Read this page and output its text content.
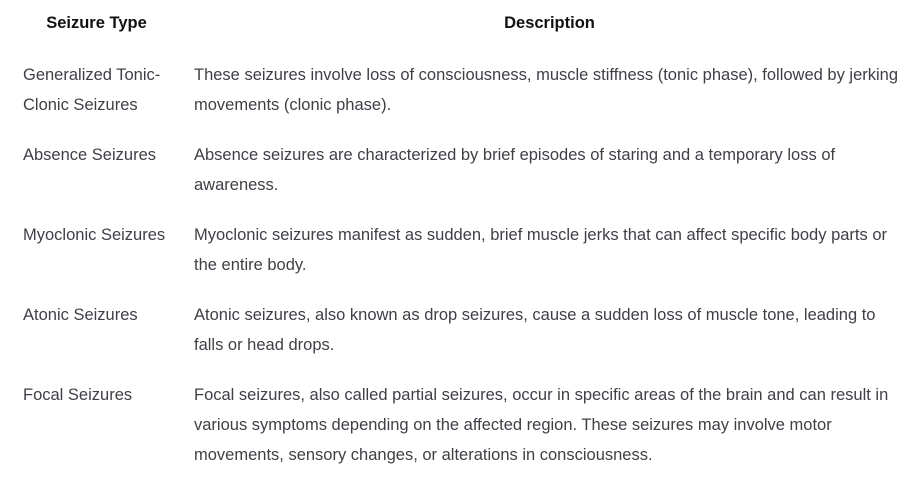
Seizure Type	Description
Generalized Tonic-Clonic Seizures	These seizures involve loss of consciousness, muscle stiffness (tonic phase), followed by jerking movements (clonic phase).
Absence Seizures	Absence seizures are characterized by brief episodes of staring and a temporary loss of awareness.
Myoclonic Seizures	Myoclonic seizures manifest as sudden, brief muscle jerks that can affect specific body parts or the entire body.
Atonic Seizures	Atonic seizures, also known as drop seizures, cause a sudden loss of muscle tone, leading to falls or head drops.
Focal Seizures	Focal seizures, also called partial seizures, occur in specific areas of the brain and can result in various symptoms depending on the affected region. These seizures may involve motor movements, sensory changes, or alterations in consciousness.
